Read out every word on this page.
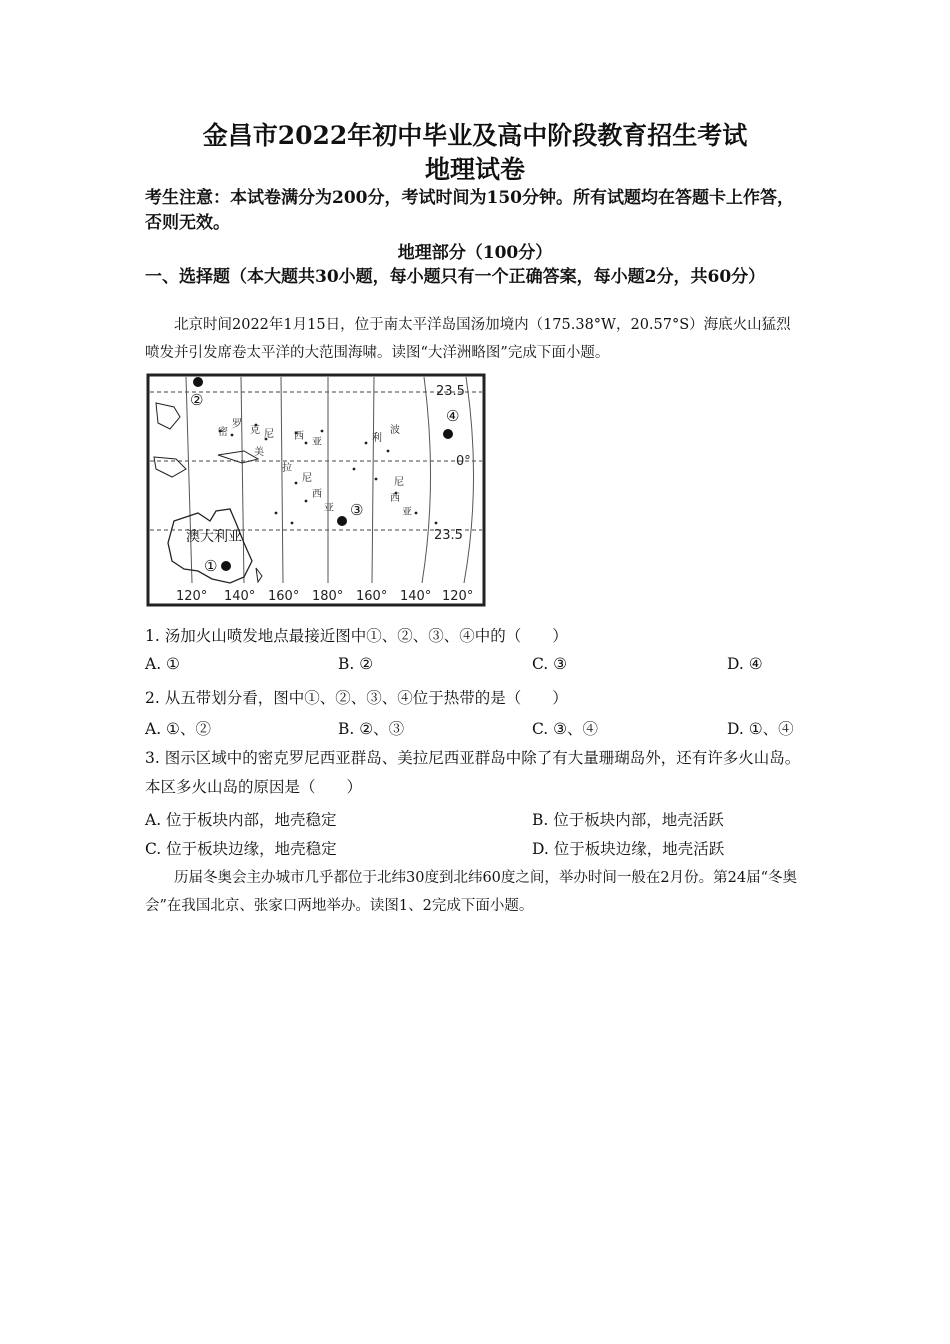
金昌市2022年初中毕业及高中阶段教育招生考试
地理试卷
考生注意：本试卷满分为200分，考试时间为150分钟。所有试题均在答题卡上作答，否则无效。
地理部分（100分）
一、选择题（本大题共30小题，每小题只有一个正确答案，每小题2分，共60分）
北京时间2022年1月15日，位于南太平洋岛国汤加境内（175.38°W，20.57°S）海底火山猛烈喷发并引发席卷太平洋的大范围海啸。读图“大洋洲略图”完成下面小题。
密
罗
克 尼 西
亚
美
拉
尼
西
亚
波
利
尼
西
亚
澳大利亚
23.5
0°
23.5
120° 140° 160° 180° 160° 140° 120°
①
②
③
④
1. 汤加火山喷发地点最接近图中①、②、③、④中的（　　）
A. ①	B. ②	C. ③	D. ④
2. 从五带划分看，图中①、②、③、④位于热带的是（　　）
A. ①、②	B. ②、③	C. ③、④	D. ①、④
3. 图示区域中的密克罗尼西亚群岛、美拉尼西亚群岛中除了有大量珊瑚岛外，还有许多火山岛。本区多火山岛的原因是（　　）
A. 位于板块内部，地壳稳定	B. 位于板块内部，地壳活跃
C. 位于板块边缘，地壳稳定	D. 位于板块边缘，地壳活跃
历届冬奥会主办城市几乎都位于北纬30度到北纬60度之间，举办时间一般在2月份。第24届“冬奥会”在我国北京、张家口两地举办。读图1、2完成下面小题。
